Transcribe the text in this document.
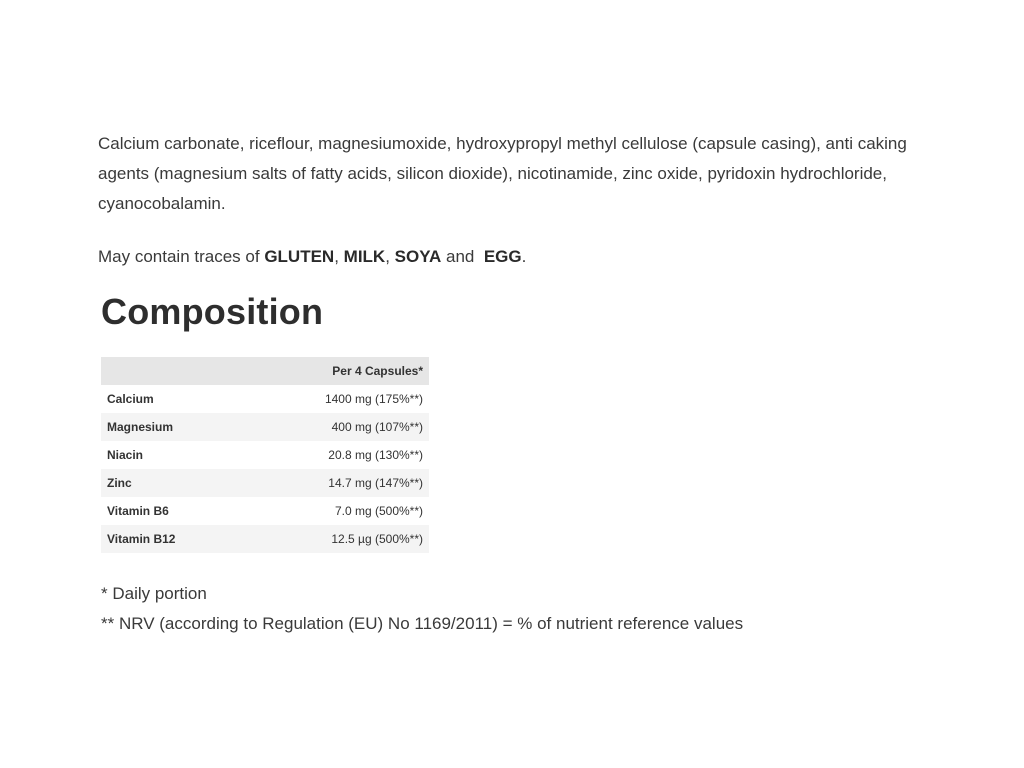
Calcium carbonate, riceflour, magnesiumoxide, hydroxypropyl methyl cellulose (capsule casing), anti caking agents (magnesium salts of fatty acids, silicon dioxide), nicotinamide, zinc oxide, pyridoxin hydrochloride, cyanocobalamin.

May contain traces of GLUTEN, MILK, SOYA and  EGG.

Composition
	Per 4 Capsules*
Calcium	1400 mg (175%**)
Magnesium	400 mg (107%**)
Niacin	20.8 mg (130%**)
Zinc	14.7 mg (147%**)
Vitamin B6	7.0 mg (500%**)
Vitamin B12	12.5 µg (500%**)
* Daily portion
** NRV (according to Regulation (EU) No 1169/2011) = % of nutrient reference values
